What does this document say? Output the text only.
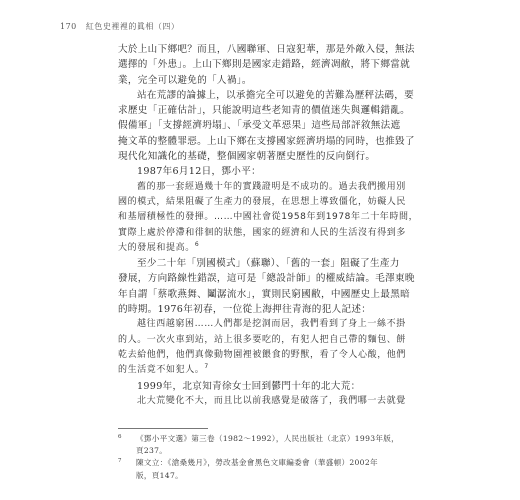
170 紅色史裡裡的眞相（四）
大於上山下鄉吧？而且，八國聯軍、日寇犯華，那是外敵入侵，無法
選擇的「外患」。上山下鄉則是國家走錯路，經濟凋敝，將下鄉當就
業，完全可以避免的「人禍」。
站在荒謬的論據上，以承擔完全可以避免的苦難為歷秤法碼，要
求歷史「正確估計」，只能說明這些老知青的價值迷失與邏輯錯亂。
假備軍」「支撐經濟坍塌」、「承受文革惡果」這些局部評敘無法遮
掩文革的整體罪惡。上山下鄉在支撐國家經濟坍塌的同時，也推毀了
現代化知識化的基礎，整個國家朝著歷史歷性的反向倒行。
1987年6月12日，鄧小平：
舊的那一套經過幾十年的實踐證明是不成功的。過去我們搬用別
國的模式，結果阻礙了生產力的發展，在思想上導致僵化，妨礙人民
和基層積極性的發揮。……中國社會從1958年到1978年二十年時間，
實際上處於停滯和徘徊的狀態，國家的經濟和人民的生活沒有得到多
大的發展和提高。$^6$
至少二十年「別國模式」（蘇聯）、「舊的一套」阻礙了生產力
發展，方向路線性錯誤，這可是「總設計師」的權威結論。毛澤東晚
年自謂「蔡歌燕舞、鬮潺流水」，實則民窮國敝，中國歷史上最黑暗
的時期。1976年初春，一位從上海押往青海的犯人記述：
越往西越窮困……人們都是挖洞而居，我們看到了身上一絲不掛
的人。一次火車到站，站上很多要吃的，有犯人把自己帶的麵包、餅
乾去給他們，他們真像動物園裡被餵食的野獸，看了令人心酸，他們
的生活竟不如犯人。$^7$
1999年，北京知青徐女士回到鬰門十年的北大荒：
北大荒變化不大，而且比以前我感覺是破落了，我們哪一去就覺
6	《鄧小平文選》第三卷（1982～1992），人民出版社（北京）1993年版，
頁237。
7	陳文立：《滄桑幾月》，勞改基金會黑色文庫編委會（華盛頓）2002年
版，頁147。
